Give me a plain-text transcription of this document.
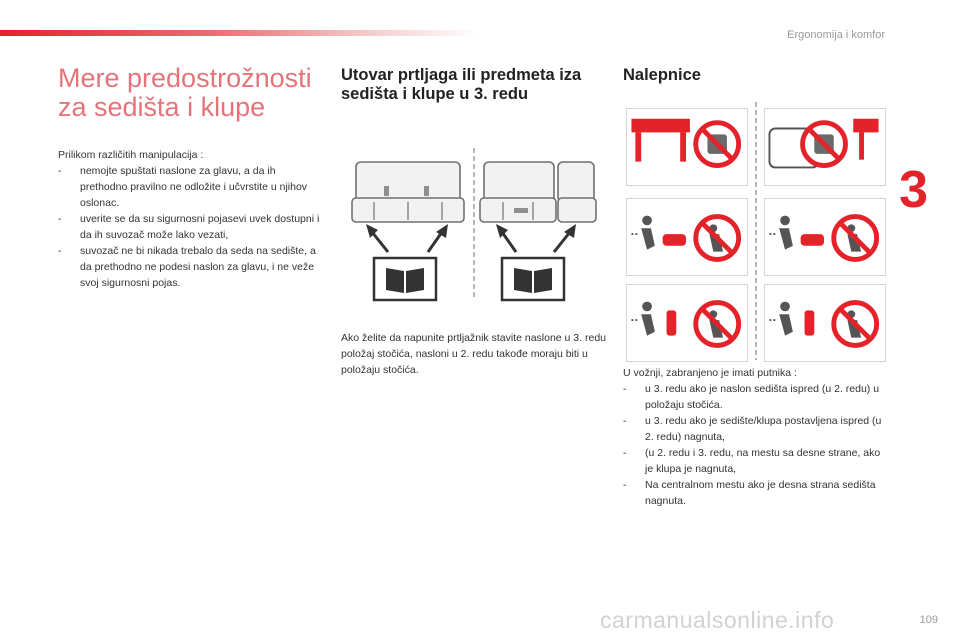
Ergonomija i komfor
3
Mere predostrožnosti za sedišta i klupe
Prilikom različitih manipulacija :
- nemojte spuštati naslone za glavu, a da ih prethodno pravilno ne odložite i učvrstite u njihov oslonac.
- uverite se da su sigurnosni pojasevi uvek dostupni i da ih suvozač može lako vezati,
- suvozač ne bi nikada trebalo da seda na sedište, a da prethodno ne podesi naslon za glavu, i ne veže svoj sigurnosni pojas.
Utovar prtljaga ili predmeta iza sedišta i klupe u 3. redu
Ako želite da napunite prtljažnik stavite naslone u 3. redu položaj stočića, nasloni u 2. redu takođe moraju biti u položaju stočića.
Nalepnice
U vožnji, zabranjeno je imati putnika :
- u 3. redu ako je naslon sedišta ispred (u 2. redu) u položaju stočića.
- u 3. redu ako je sedište/klupa postavljena ispred (u 2. redu) nagnuta,
- (u 2. redu i 3. redu, na mestu sa desne strane, ako je klupa je nagnuta,
- Na centralnom mestu ako je desna strana sedišta nagnuta.
109
carmanualsonline.info
